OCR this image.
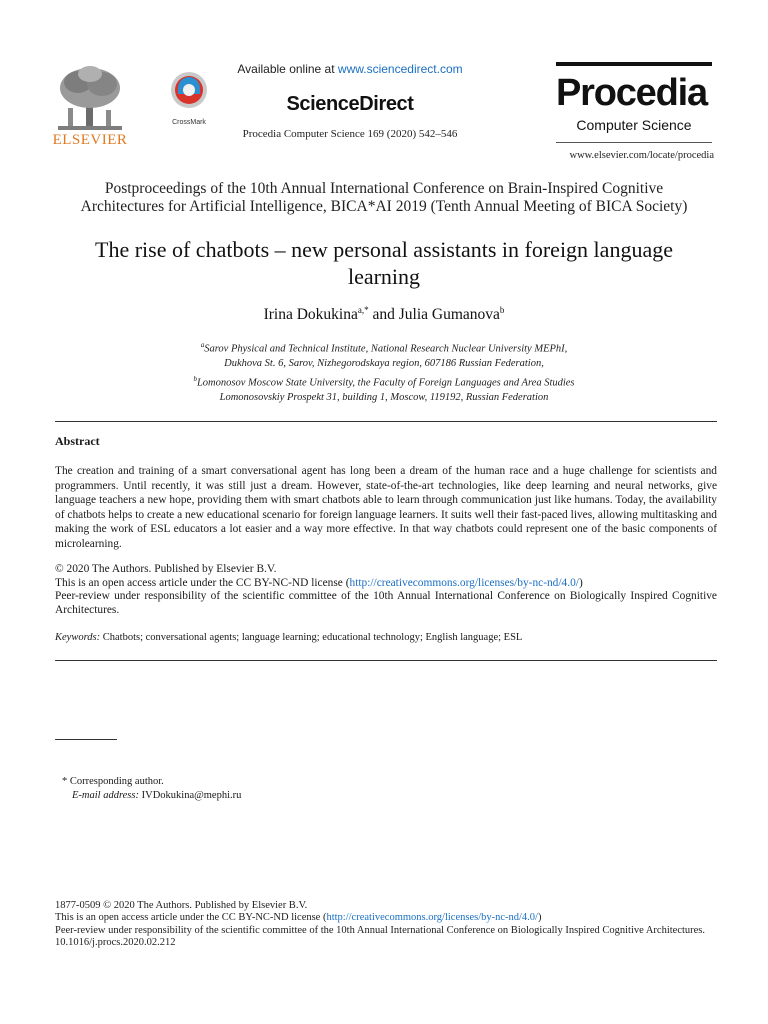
ELSEVIER
CrossMark
Available online at www.sciencedirect.com
ScienceDirect
Procedia Computer Science 169 (2020) 542–546
Procedia
Computer Science
www.elsevier.com/locate/procedia
Postproceedings of the 10th Annual International Conference on Brain-Inspired Cognitive
Architectures for Artificial Intelligence, BICA*AI 2019 (Tenth Annual Meeting of BICA Society)
The rise of chatbots – new personal assistants in foreign language
learning
Irina Dokukina$^{a,*}$ and Julia Gumanova$^b$
$^a$Sarov Physical and Technical Institute, National Research Nuclear University MEPhI,
Dukhova St. 6, Sarov, Nizhegorodskaya region, 607186 Russian Federation,
$^b$Lomonosov Moscow State University, the Faculty of Foreign Languages and Area Studies
Lomonosovskiy Prospekt 31, building 1, Moscow, 119192, Russian Federation
Abstract
The creation and training of a smart conversational agent has long been a dream of the human race and a huge challenge for scientists and programmers. Until recently, it was still just a dream. However, state-of-the-art technologies, like deep learning and neural networks, give language teachers a new hope, providing them with smart chatbots able to learn through communication just like humans. Today, the availability of chatbots helps to create a new educational scenario for foreign language learners. It suits well their fast-paced lives, allowing multitasking and making the work of ESL educators a lot easier and a way more effective. In that way chatbots could represent one of the basic components of microlearning.
© 2020 The Authors. Published by Elsevier B.V.
This is an open access article under the CC BY-NC-ND license (http://creativecommons.org/licenses/by-nc-nd/4.0/)
Peer-review under responsibility of the scientific committee of the 10th Annual International Conference on Biologically Inspired Cognitive Architectures.
Keywords: Chatbots; conversational agents; language learning; educational technology; English language; ESL
* Corresponding author.
E-mail address: IVDokukina@mephi.ru
1877-0509 © 2020 The Authors. Published by Elsevier B.V.
This is an open access article under the CC BY-NC-ND license (http://creativecommons.org/licenses/by-nc-nd/4.0/)
Peer-review under responsibility of the scientific committee of the 10th Annual International Conference on Biologically Inspired Cognitive Architectures.
10.1016/j.procs.2020.02.212
